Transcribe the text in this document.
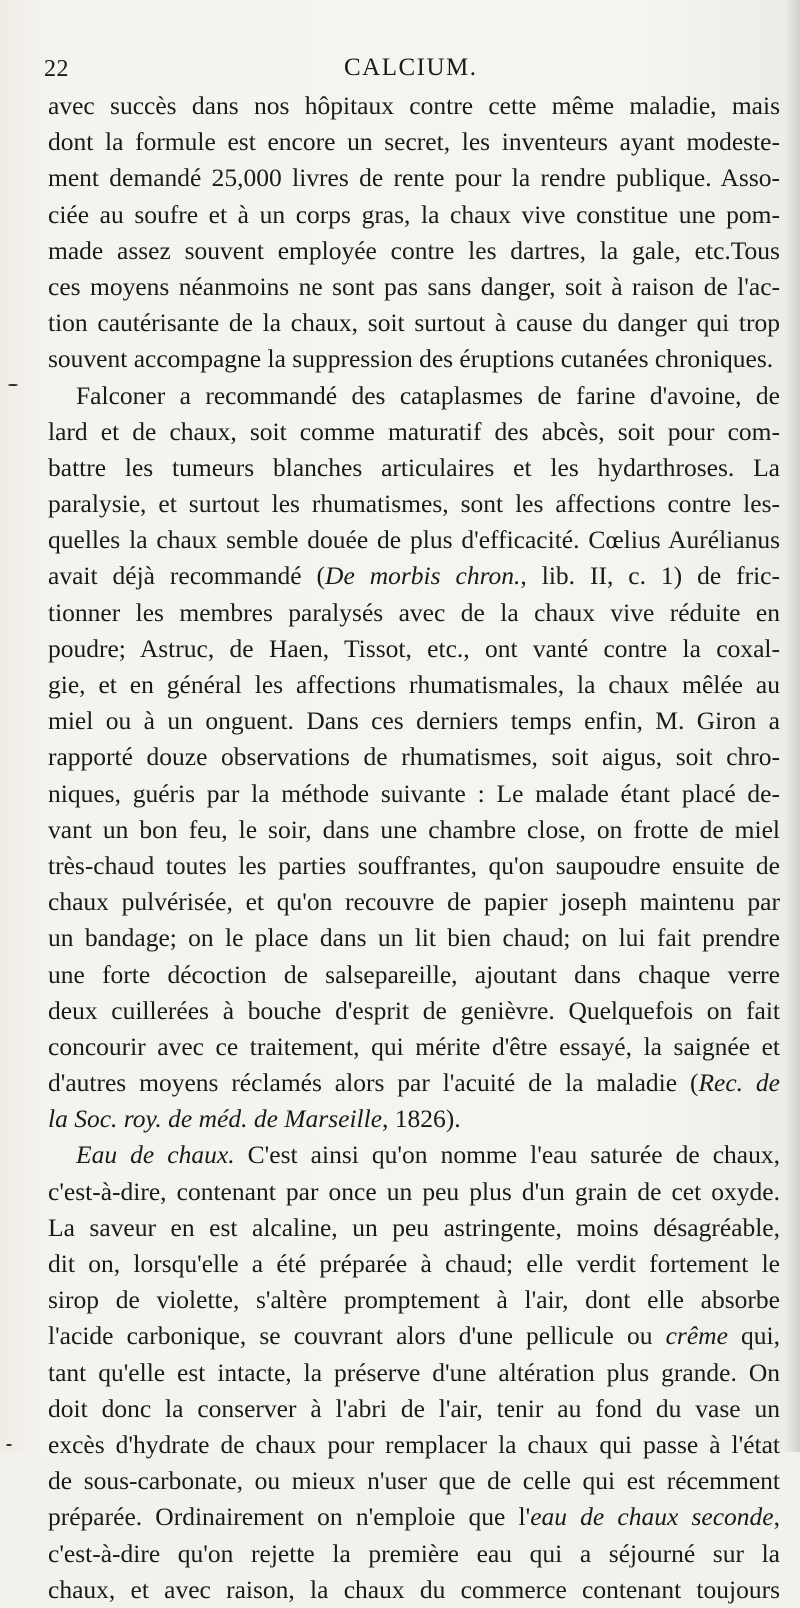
22	CALCIUM.
avec succès dans nos hôpitaux contre cette même maladie, mais
dont la formule est encore un secret, les inventeurs ayant modeste-
ment demandé 25,000 livres de rente pour la rendre publique. Asso-
ciée au soufre et à un corps gras, la chaux vive constitue une pom-
made assez souvent employée contre les dartres, la gale, etc.Tous
ces moyens néanmoins ne sont pas sans danger, soit à raison de l'ac-
tion cautérisante de la chaux, soit surtout à cause du danger qui trop
souvent accompagne la suppression des éruptions cutanées chroniques.
Falconer a recommandé des cataplasmes de farine d'avoine, de
lard et de chaux, soit comme maturatif des abcès, soit pour com-
battre les tumeurs blanches articulaires et les hydarthroses. La
paralysie, et surtout les rhumatismes, sont les affections contre les-
quelles la chaux semble douée de plus d'efficacité. Cœlius Aurélianus
avait déjà recommandé (De morbis chron., lib. II, c. 1) de fric-
tionner les membres paralysés avec de la chaux vive réduite en
poudre; Astruc, de Haen, Tissot, etc., ont vanté contre la coxal-
gie, et en général les affections rhumatismales, la chaux mêlée au
miel ou à un onguent. Dans ces derniers temps enfin, M. Giron a
rapporté douze observations de rhumatismes, soit aigus, soit chro-
niques, guéris par la méthode suivante : Le malade étant placé de-
vant un bon feu, le soir, dans une chambre close, on frotte de miel
très-chaud toutes les parties souffrantes, qu'on saupoudre ensuite de
chaux pulvérisée, et qu'on recouvre de papier joseph maintenu par
un bandage; on le place dans un lit bien chaud; on lui fait prendre
une forte décoction de salsepareille, ajoutant dans chaque verre
deux cuillerées à bouche d'esprit de genièvre. Quelquefois on fait
concourir avec ce traitement, qui mérite d'être essayé, la saignée et
d'autres moyens réclamés alors par l'acuité de la maladie (Rec. de
la Soc. roy. de méd. de Marseille, 1826).
Eau de chaux. C'est ainsi qu'on nomme l'eau saturée de chaux,
c'est-à-dire, contenant par once un peu plus d'un grain de cet oxyde.
La saveur en est alcaline, un peu astringente, moins désagréable,
dit on, lorsqu'elle a été préparée à chaud; elle verdit fortement le
sirop de violette, s'altère promptement à l'air, dont elle absorbe
l'acide carbonique, se couvrant alors d'une pellicule ou crême qui,
tant qu'elle est intacte, la préserve d'une altération plus grande. On
doit donc la conserver à l'abri de l'air, tenir au fond du vase un
excès d'hydrate de chaux pour remplacer la chaux qui passe à l'état
de sous-carbonate, ou mieux n'user que de celle qui est récemment
préparée. Ordinairement on n'emploie que l'eau de chaux seconde,
c'est-à-dire qu'on rejette la première eau qui a séjourné sur la
chaux, et avec raison, la chaux du commerce contenant toujours
